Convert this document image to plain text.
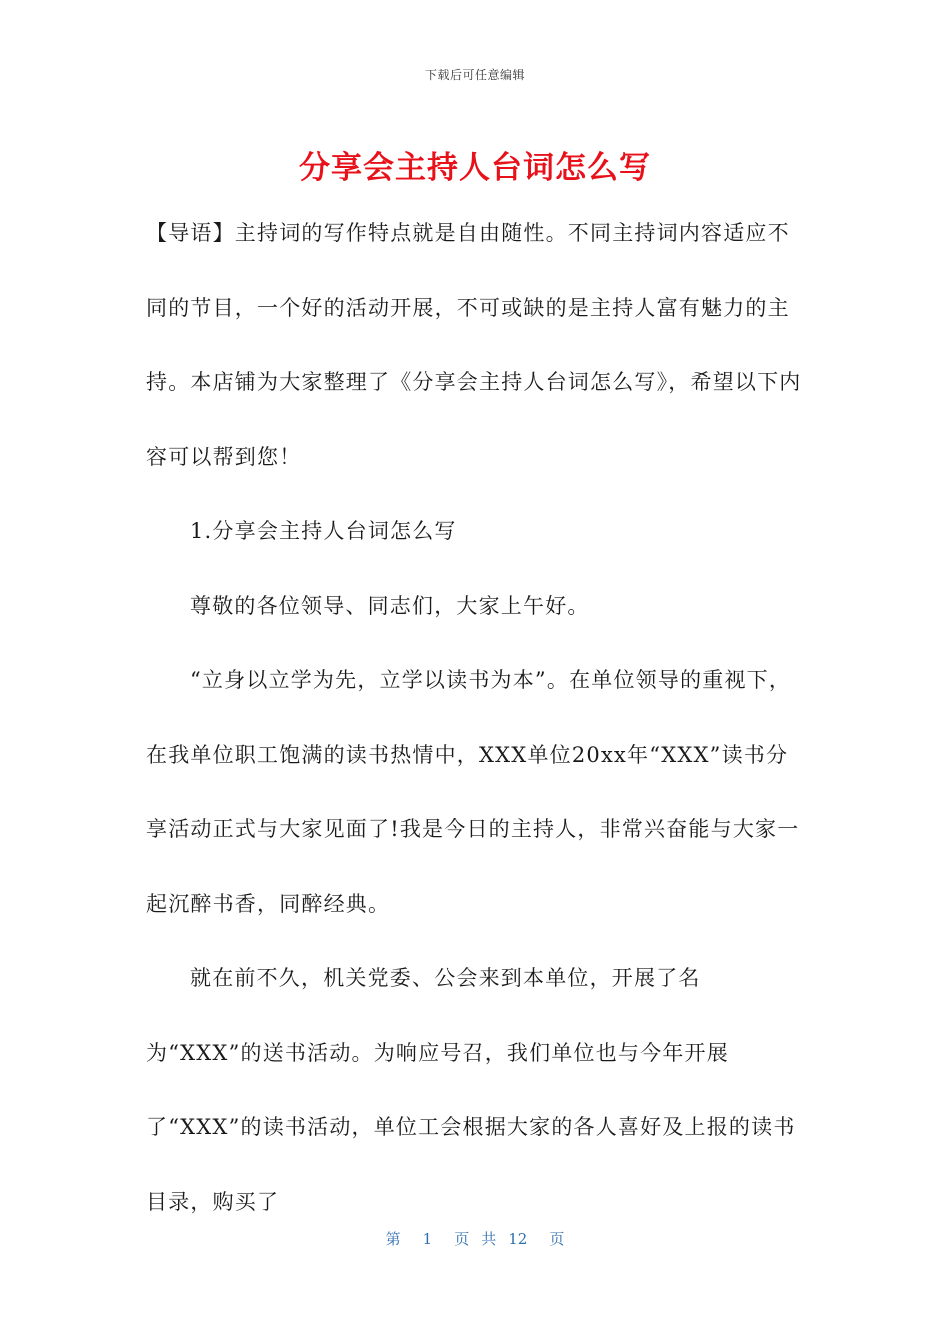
下载后可任意编辑
分享会主持人台词怎么写

【导语】主持词的写作特点就是自由随性。不同主持词内容适应不同的节目，一个好的活动开展，不可或缺的是主持人富有魅力的主持。本店铺为大家整理了《分享会主持人台词怎么写》，希望以下内容可以帮到您！

1.分享会主持人台词怎么写

尊敬的各位领导、同志们，大家上午好。

“立身以立学为先，立学以读书为本”。在单位领导的重视下，在我单位职工饱满的读书热情中，XXX单位20xx年“XXX”读书分享活动正式与大家见面了!我是今日的主持人，非常兴奋能与大家一起沉醉书香，同醉经典。

就在前不久，机关党委、公会来到本单位，开展了名为“XXX”的送书活动。为响应号召，我们单位也与今年开展了“XXX”的读书活动，单位工会根据大家的各人喜好及上报的读书目录，购买了

第 1 页 共 12 页
